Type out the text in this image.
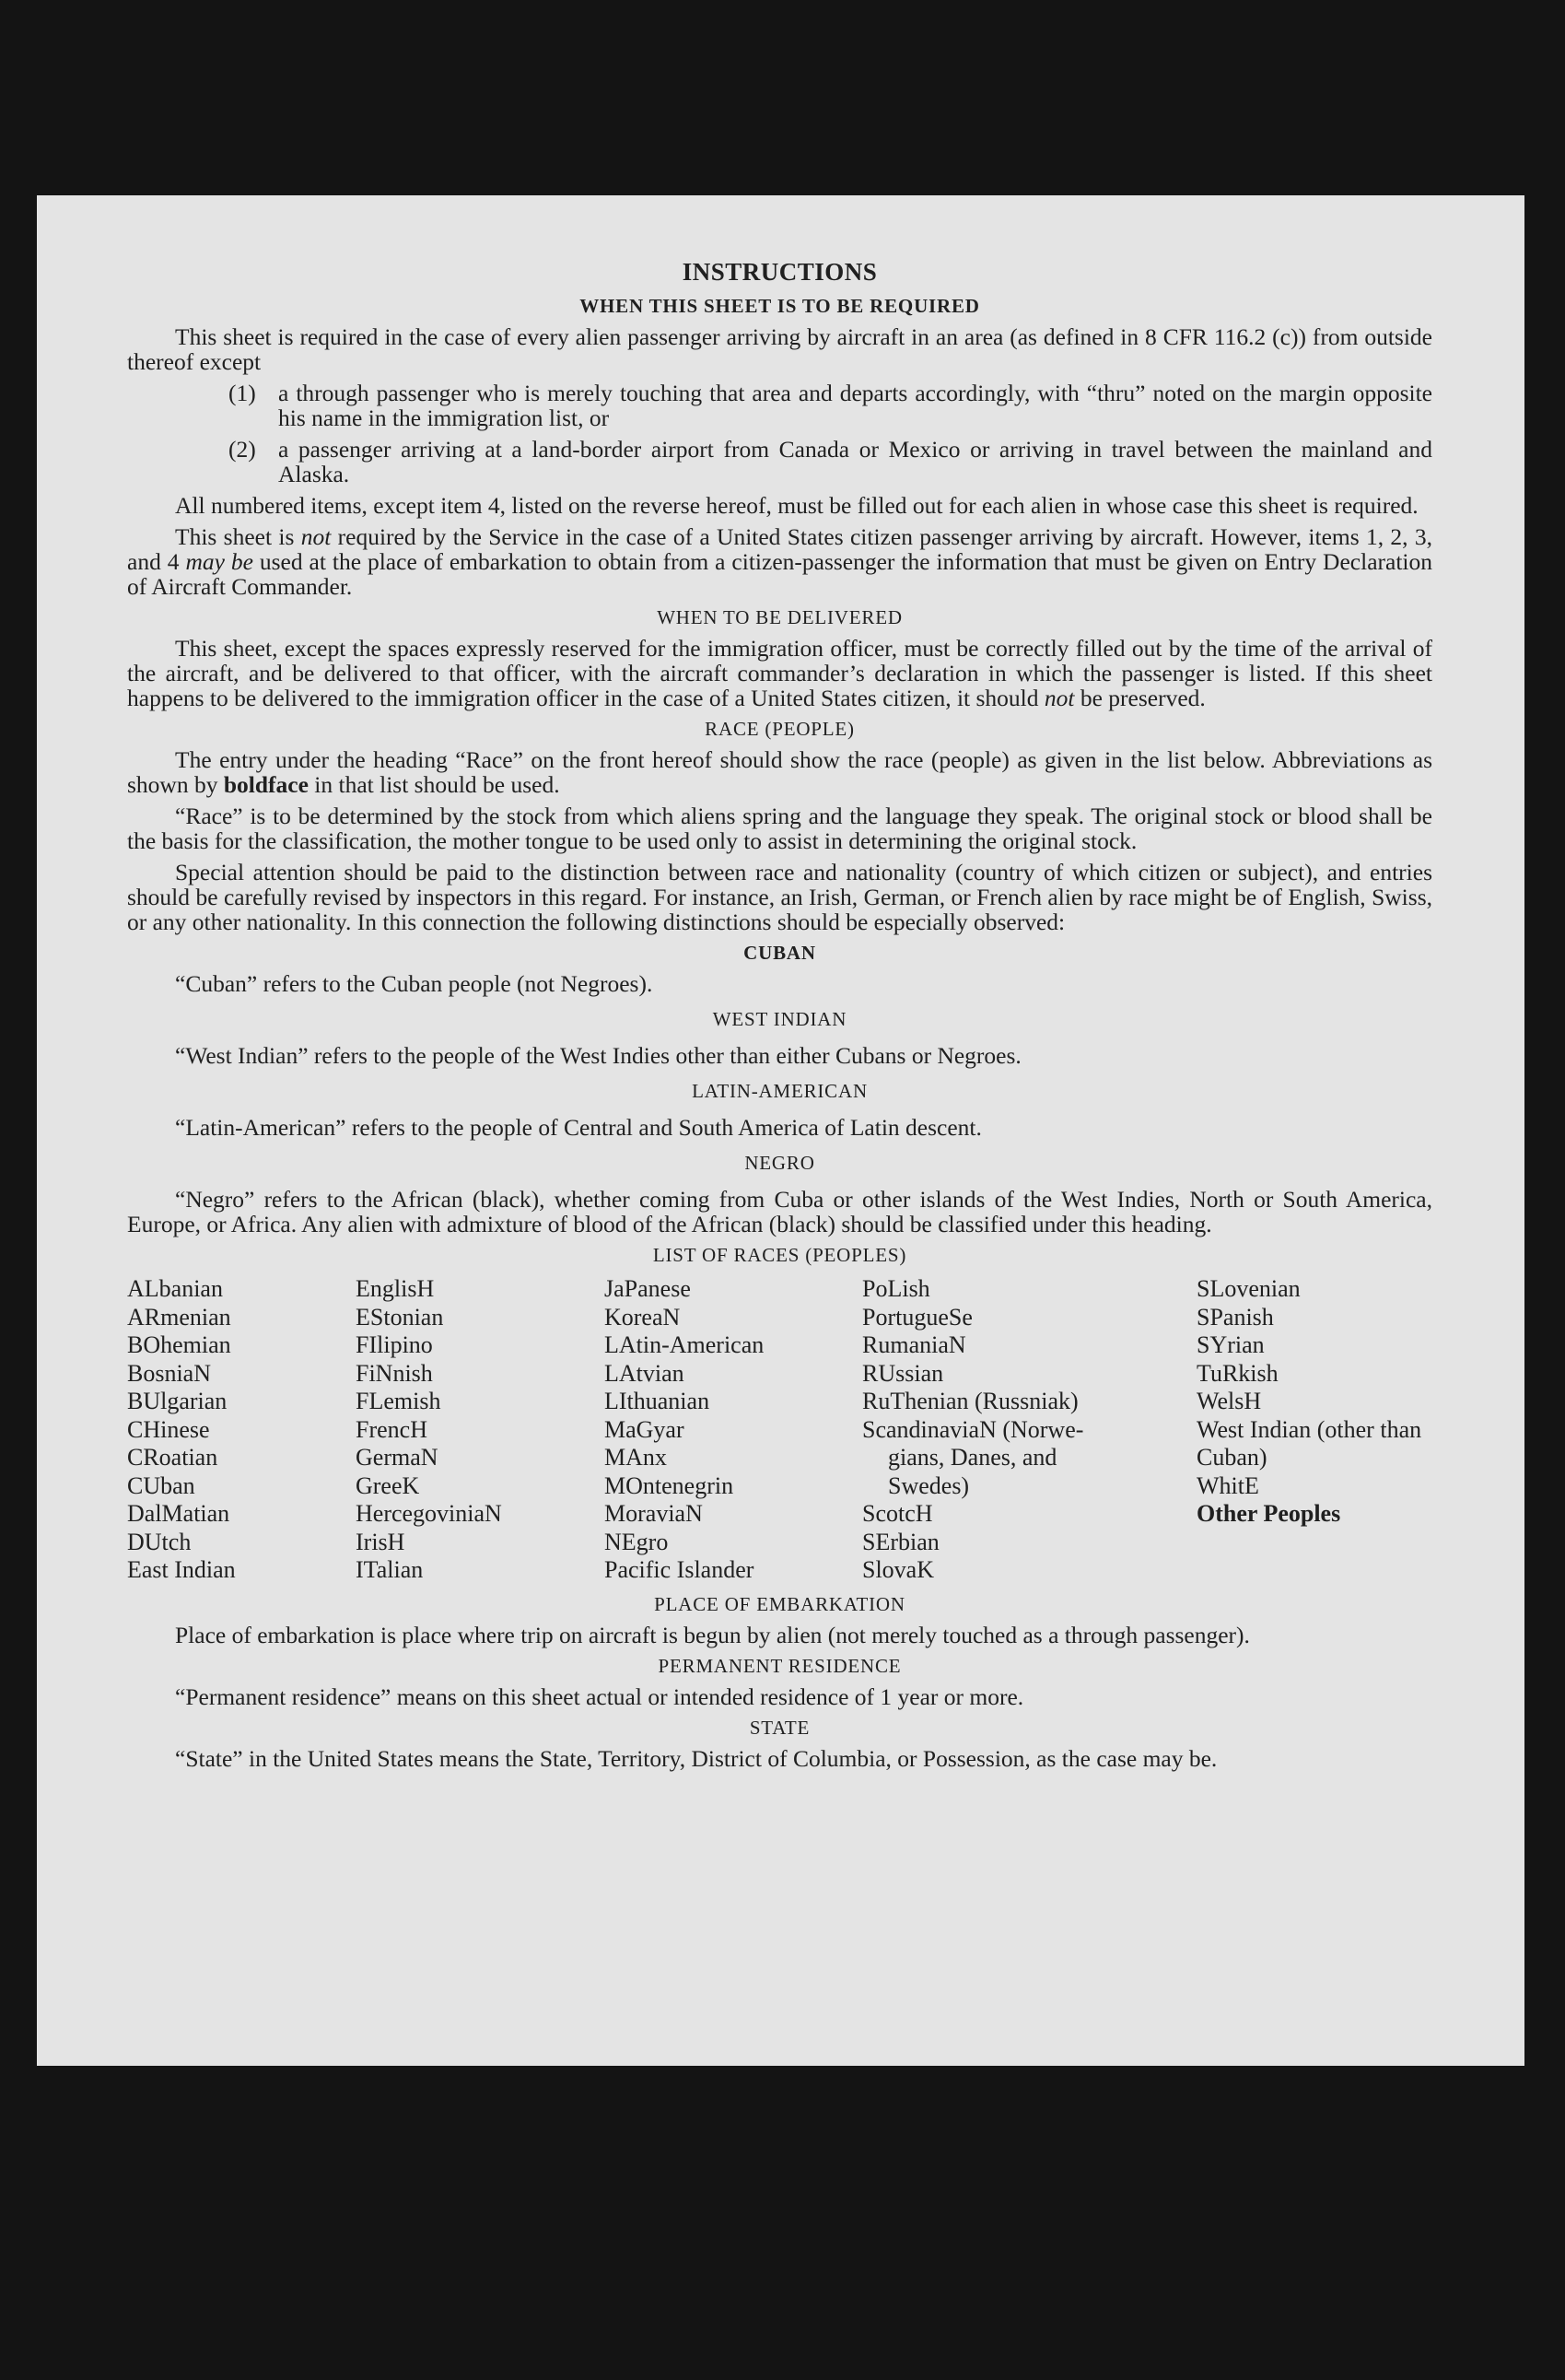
INSTRUCTIONS
WHEN THIS SHEET IS TO BE REQUIRED

This sheet is required in the case of every alien passenger arriving by aircraft in an area (as defined in 8 CFR 116.2 (c)) from outside thereof except

(1) a through passenger who is merely touching that area and departs accordingly, with “thru” noted on the margin opposite his name in the immigration list, or
(2) a passenger arriving at a land-border airport from Canada or Mexico or arriving in travel between the mainland and Alaska.

All numbered items, except item 4, listed on the reverse hereof, must be filled out for each alien in whose case this sheet is required.

This sheet is not required by the Service in the case of a United States citizen passenger arriving by aircraft. However, items 1, 2, 3, and 4 may be used at the place of embarkation to obtain from a citizen-passenger the information that must be given on Entry Declaration of Aircraft Commander.

WHEN TO BE DELIVERED

This sheet, except the spaces expressly reserved for the immigration officer, must be correctly filled out by the time of the arrival of the aircraft, and be delivered to that officer, with the aircraft commander’s declaration in which the passenger is listed. If this sheet happens to be delivered to the immigration officer in the case of a United States citizen, it should not be preserved.

RACE (PEOPLE)

The entry under the heading “Race” on the front hereof should show the race (people) as given in the list below. Abbreviations as shown by boldface in that list should be used.

“Race” is to be determined by the stock from which aliens spring and the language they speak. The original stock or blood shall be the basis for the classification, the mother tongue to be used only to assist in determining the original stock.

Special attention should be paid to the distinction between race and nationality (country of which citizen or subject), and entries should be carefully revised by inspectors in this regard. For instance, an Irish, German, or French alien by race might be of English, Swiss, or any other nationality. In this connection the following distinctions should be especially observed:

CUBAN

“Cuban” refers to the Cuban people (not Negroes).

WEST INDIAN

“West Indian” refers to the people of the West Indies other than either Cubans or Negroes.

LATIN-AMERICAN

“Latin-American” refers to the people of Central and South America of Latin descent.

NEGRO

“Negro” refers to the African (black), whether coming from Cuba or other islands of the West Indies, North or South America, Europe, or Africa. Any alien with admixture of blood of the African (black) should be classified under this heading.

LIST OF RACES (PEOPLES)
ALbanian
ARmenian
BOhemian
BosniaN
BUlgarian
CHinese
CRoatian
CUban
DalMatian
DUtch
East Indian
EnglisH
EStonian
FIlipino
FiNnish
FLemish
FrencH
GermaN
GreeK
HercegoviniaN
IrisH
ITalian
JaPanese
KoreaN
LAtin-American
LAtvian
LIthuanian
MaGyar
MAnx
MOntenegrin
MoraviaN
NEgro
Pacific Islander
PoLish
PortugueSe
RumaniaN
RUssian
RuThenian (Russniak)
ScandinaviaN (Norwe-
gians, Danes, and
Swedes)
ScotcH
SErbian
SlovaK
SLovenian
SPanish
SYrian
TuRkish
WelsH
West Indian (other than Cuban)
WhitE
Other Peoples
PLACE OF EMBARKATION

Place of embarkation is place where trip on aircraft is begun by alien (not merely touched as a through passenger).

PERMANENT RESIDENCE

“Permanent residence” means on this sheet actual or intended residence of 1 year or more.

STATE

“State” in the United States means the State, Territory, District of Columbia, or Possession, as the case may be.
